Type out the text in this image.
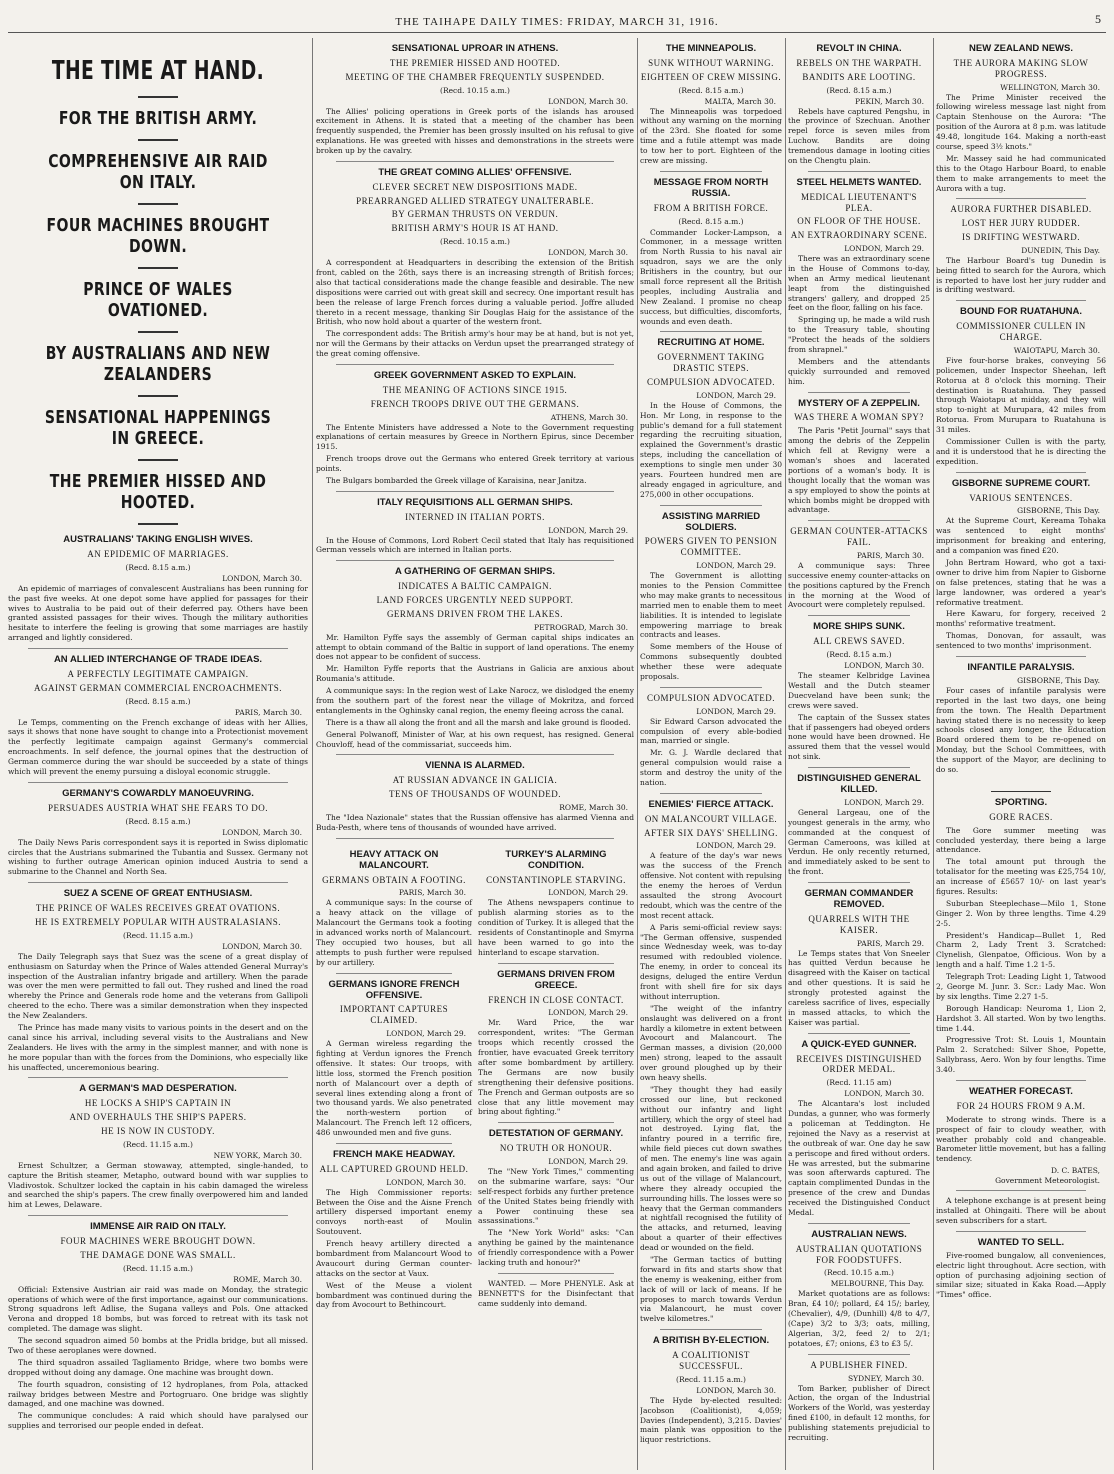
THE TAIHAPE DAILY TIMES: FRIDAY, MARCH 31, 1916.	5
THE TIME AT HAND.
FOR THE BRITISH ARMY.
COMPREHENSIVE AIR RAID ON ITALY.
FOUR MACHINES BROUGHT DOWN.
PRINCE OF WALES OVATIONED.
BY AUSTRALIANS AND NEW ZEALANDERS
SENSATIONAL HAPPENINGS IN GREECE.
THE PREMIER HISSED AND HOOTED.
AUSTRALIANS' TAKING ENGLISH WIVES.
AN EPIDEMIC OF MARRIAGES.
(Recd. 8.15 a.m.)
LONDON, March 30.
An epidemic of marriages of convalescent Australians has been running for the past five weeks. At one depot some have applied for passages for their wives to Australia to be paid out of their deferred pay. Others have been granted assisted passages for their wives. Though the military authorities hesitate to interfere the feeling is growing that some marriages are hastily arranged and lightly considered.
AN ALLIED INTERCHANGE OF TRADE IDEAS.
A PERFECTLY LEGITIMATE CAMPAIGN.
AGAINST GERMAN COMMERCIAL ENCROACHMENTS.
(Recd. 8.15 a.m.)
PARIS, March 30.
Le Temps, commenting on the French exchange of ideas with her Allies, says it shows that none have sought to change into a Protectionist movement the perfectly legitimate campaign against Germany's commercial encroachments. In self defence, the journal opines that the destruction of German commerce during the war should be succeeded by a state of things which will prevent the enemy pursuing a disloyal economic struggle.
GERMANY'S COWARDLY MANOEUVRING.
PERSUADES AUSTRIA WHAT SHE FEARS TO DO.
(Recd. 8.15 a.m.)
LONDON, March 30.
The Daily News Paris correspondent says it is reported in Swiss diplomatic circles that the Austrians submarined the Tubantia and Sussex. Germany not wishing to further outrage American opinion induced Austria to send a submarine to the Channel and North Sea.
SUEZ A SCENE OF GREAT ENTHUSIASM.
THE PRINCE OF WALES RECEIVES GREAT OVATIONS.
HE IS EXTREMELY POPULAR WITH AUSTRALASIANS.
(Recd. 11.15 a.m.)
LONDON, March 30.
The Daily Telegraph says that Suez was the scene of a great display of enthusiasm on Saturday when the Prince of Wales attended General Murray's inspection of the Australian infantry brigade and artillery. When the parade was over the men were permitted to fall out. They rushed and lined the road whereby the Prince and Generals rode home and the veterans from Gallipoli cheered to the echo. There was a similar demonstration when they inspected the New Zealanders.
The Prince has made many visits to various points in the desert and on the canal since his arrival, including several visits to the Australians and New Zealanders. He lives with the army in the simplest manner, and with none is he more popular than with the forces from the Dominions, who especially like his unaffected, unceremonious bearing.
A GERMAN'S MAD DESPERATION.
HE LOCKS A SHIP'S CAPTAIN IN
AND OVERHAULS THE SHIP'S PAPERS.
HE IS NOW IN CUSTODY.
(Recd. 11.15 a.m.)
NEW YORK, March 30.
Ernest Schultzer, a German stowaway, attempted, single-handed, to capture the British steamer, Metapho, outward bound with war supplies to Vladivostok. Schultzer locked the captain in his cabin damaged the wireless and searched the ship's papers. The crew finally overpowered him and landed him at Lewes, Delaware.
IMMENSE AIR RAID ON ITALY.
FOUR MACHINES WERE BROUGHT DOWN.
THE DAMAGE DONE WAS SMALL.
(Recd. 11.15 a.m.)
ROME, March 30.
Official: Extensive Austrian air raid was made on Monday, the strategic operations of which were of the first importance, against our communications. Strong squadrons left Adlise, the Sugana valleys and Pols. One attacked Verona and dropped 18 bombs, but was forced to retreat with its task not completed. The damage was slight.
The second squadron aimed 50 bombs at the Pridla bridge, but all missed. Two of these aeroplanes were downed.
The third squadron assailed Tagliamento Bridge, where two bombs were dropped without doing any damage. One machine was brought down.
The fourth squadron, consisting of 12 hydroplanes, from Pola, attacked railway bridges between Mestre and Portogruaro. One bridge was slightly damaged, and one machine was downed.
The communique concludes: A raid which should have paralysed our supplies and terrorised our people ended in defeat.
SENSATIONAL UPROAR IN ATHENS.
THE PREMIER HISSED AND HOOTED.
MEETING OF THE CHAMBER FREQUENTLY SUSPENDED.
(Recd. 10.15 a.m.)
LONDON, March 30.
The Allies' policing operations in Greek ports of the islands has aroused excitement in Athens. It is stated that a meeting of the chamber has been frequently suspended, the Premier has been grossly insulted on his refusal to give explanations. He was greeted with hisses and demonstrations in the streets were broken up by the cavalry.
THE GREAT COMING ALLIES' OFFENSIVE.
CLEVER SECRET NEW DISPOSITIONS MADE.
PREARRANGED ALLIED STRATEGY UNALTERABLE.
BY GERMAN THRUSTS ON VERDUN.
BRITISH ARMY'S HOUR IS AT HAND.
(Recd. 10.15 a.m.)
LONDON, March 30.
A correspondent at Headquarters in describing the extension of the British front, cabled on the 26th, says there is an increasing strength of British forces; also that tactical considerations made the change feasible and desirable. The new dispositions were carried out with great skill and secrecy. One important result has been the release of large French forces during a valuable period. Joffre alluded thereto in a recent message, thanking Sir Douglas Haig for the assistance of the British, who now hold about a quarter of the western front.
The correspondent adds: The British army's hour may be at hand, but is not yet, nor will the Germans by their attacks on Verdun upset the prearranged strategy of the great coming offensive.
GREEK GOVERNMENT ASKED TO EXPLAIN.
THE MEANING OF ACTIONS SINCE 1915.
FRENCH TROOPS DRIVE OUT THE GERMANS.
ATHENS, March 30.
The Entente Ministers have addressed a Note to the Government requesting explanations of certain measures by Greece in Northern Epirus, since December 1915.
French troops drove out the Germans who entered Greek territory at various points.
The Bulgars bombarded the Greek village of Karaisina, near Janitza.
ITALY REQUISITIONS ALL GERMAN SHIPS.
INTERNED IN ITALIAN PORTS.
LONDON, March 29.
In the House of Commons, Lord Robert Cecil stated that Italy has requisitioned German vessels which are interned in Italian ports.
A GATHERING OF GERMAN SHIPS.
INDICATES A BALTIC CAMPAIGN.
LAND FORCES URGENTLY NEED SUPPORT.
GERMANS DRIVEN FROM THE LAKES.
PETROGRAD, March 30.
Mr. Hamilton Fyffe says the assembly of German capital ships indicates an attempt to obtain command of the Baltic in support of land operations. The enemy does not appear to be confident of success.
Mr. Hamilton Fyffe reports that the Austrians in Galicia are anxious about Roumania's attitude.
A communique says: In the region west of Lake Narocz, we dislodged the enemy from the southern part of the forest near the village of Mokritza, and forced entanglements in the Oghinsky canal region, the enemy fleeing across the canal.
There is a thaw all along the front and all the marsh and lake ground is flooded.
General Polwanoff, Minister of War, at his own request, has resigned. General Chouvloff, head of the commissariat, succeeds him.
VIENNA IS ALARMED.
AT RUSSIAN ADVANCE IN GALICIA.
TENS OF THOUSANDS OF WOUNDED.
ROME, March 30.
The "Idea Nazionale" states that the Russian offensive has alarmed Vienna and Buda-Pesth, where tens of thousands of wounded have arrived.
HEAVY ATTACK ON MALANCOURT.
GERMANS OBTAIN A FOOTING.
PARIS, March 30.
A communique says: In the course of a heavy attack on the village of Malancourt the Germans took a footing in advanced works north of Malancourt. They occupied two houses, but all attempts to push further were repulsed by our artillery.
GERMANS IGNORE FRENCH OFFENSIVE.
IMPORTANT CAPTURES CLAIMED.
LONDON, March 29.
A German wireless regarding the fighting at Verdun ignores the French offensive. It states: Our troops, with little loss, stormed the French position north of Malancourt over a depth of several lines extending along a front of two thousand yards. We also penetrated the north-western portion of Malancourt. The French left 12 officers, 486 unwounded men and five guns.
FRENCH MAKE HEADWAY.
ALL CAPTURED GROUND HELD.
LONDON, March 30.
The High Commissioner reports: Between the Oise and the Aisne French artillery dispersed important enemy convoys north-east of Moulin Soutouvent.
French heavy artillery directed a bombardment from Malancourt Wood to Avaucourt during German counter-attacks on the sector at Vaux.
West of the Meuse a violent bombardment was continued during the day from Avocourt to Bethincourt.
TURKEY'S ALARMING CONDITION.
CONSTANTINOPLE STARVING.
LONDON, March 29.
The Athens newspapers continue to publish alarming stories as to the condition of Turkey. It is alleged that the residents of Constantinople and Smyrna have been warned to go into the hinterland to escape starvation.
GERMANS DRIVEN FROM GREECE.
FRENCH IN CLOSE CONTACT.
LONDON, March 29.
Mr. Ward Price, the war correspondent, writes: "The German troops which recently crossed the frontier, have evacuated Greek territory after some bombardment by artillery. The Germans are now busily strengthening their defensive positions. The French and German outposts are so close that any little movement may bring about fighting."
DETESTATION OF GERMANY.
NO TRUTH OR HONOUR.
LONDON, March 29.
The "New York Times," commenting on the submarine warfare, says: "Our self-respect forbids any further pretence of the United States being friendly with a Power continuing these sea assassinations."
The "New York World" asks: "Can anything be gained by the maintenance of friendly correspondence with a Power lacking truth and honour?"
WANTED. — More PHENYLE. Ask at BENNETT'S for the Disinfectant that came suddenly into demand.
THE MINNEAPOLIS.
SUNK WITHOUT WARNING.
EIGHTEEN OF CREW MISSING.
(Recd. 8.15 a.m.)
MALTA, March 30.
The Minneapolis was torpedoed without any warning on the morning of the 23rd. She floated for some time and a futile attempt was made to tow her to port. Eighteen of the crew are missing.
MESSAGE FROM NORTH RUSSIA.
FROM A BRITISH FORCE.
(Recd. 8.15 a.m.)
Commander Locker-Lampson, a Commoner, in a message written from North Russia to his naval air squadron, says we are the only Britishers in the country, but our small force represent all the British peoples, including Australia and New Zealand. I promise no cheap success, but difficulties, discomforts, wounds and even death.
RECRUITING AT HOME.
GOVERNMENT TAKING DRASTIC STEPS.
COMPULSION ADVOCATED.
LONDON, March 29.
In the House of Commons, the Hon. Mr Long, in response to the public's demand for a full statement regarding the recruiting situation, explained the Government's drastic steps, including the cancellation of exemptions to single men under 30 years. Fourteen hundred men are already engaged in agriculture, and 275,000 in other occupations.
ASSISTING MARRIED SOLDIERS.
POWERS GIVEN TO PENSION COMMITTEE.
LONDON, March 29.
The Government is allotting monies to the Pension Committee who may make grants to necessitous married men to enable them to meet liabilities. It is intended to legislate empowering marriage to break contracts and leases.
Some members of the House of Commons subsequently doubted whether these were adequate proposals.
COMPULSION ADVOCATED.
LONDON, March 29.
Sir Edward Carson advocated the compulsion of every able-bodied man, married or single.
Mr. G. J. Wardle declared that general compulsion would raise a storm and destroy the unity of the nation.
ENEMIES' FIERCE ATTACK.
ON MALANCOURT VILLAGE.
AFTER SIX DAYS' SHELLING.
LONDON, March 29.
A feature of the day's war news was the success of the French offensive. Not content with repulsing the enemy the heroes of Verdun assaulted the strong Avocourt redoubt, which was the centre of the most recent attack.
A Paris semi-official review says: "The German offensive, suspended since Wednesday week, was to-day resumed with redoubled violence. The enemy, in order to conceal its designs, deluged the entire Verdun front with shell fire for six days without interruption.
"The weight of the infantry onslaught was delivered on a front hardly a kilometre in extent between Avocourt and Malancourt. The German masses, a division (20,000 men) strong, leaped to the assault over ground ploughed up by their own heavy shells.
"They thought they had easily crossed our line, but reckoned without our infantry and light artillery, which the orgy of steel had not destroyed. Lying flat, the infantry poured in a terrific fire, while field pieces cut down swathes of men. The enemy's line was again and again broken, and failed to drive us out of the village of Malancourt, where they already occupied the surrounding hills. The losses were so heavy that the German commanders at nightfall recognised the futility of the attacks, and returned, leaving about a quarter of their effectives dead or wounded on the field.
"The German tactics of butting forward in fits and starts show that the enemy is weakening, either from lack of will or lack of means. If he proposes to march towards Verdun via Malancourt, he must cover twelve kilometres."
A BRITISH BY-ELECTION.
A COALITIONIST SUCCESSFUL.
(Recd. 11.15 a.m.)
LONDON, March 30.
The Hyde by-elected resulted: Jacobson (Coalitionist), 4,059; Davies (Independent), 3,215. Davies' main plank was opposition to the liquor restrictions.
REVOLT IN CHINA.
REBELS ON THE WARPATH.
BANDITS ARE LOOTING.
(Recd. 8.15 a.m.)
PEKIN, March 30.
Rebels have captured Pengshu, in the province of Szechuan. Another repel force is seven miles from Luchow. Bandits are doing tremendous damage in looting cities on the Chengtu plain.
STEEL HELMETS WANTED.
MEDICAL LIEUTENANT'S PLEA.
ON FLOOR OF THE HOUSE.
AN EXTRAORDINARY SCENE.
LONDON, March 29.
There was an extraordinary scene in the House of Commons to-day, when an Army medical lieutenant leapt from the distinguished strangers' gallery, and dropped 25 feet on the floor, falling on his face.
Springing up, he made a wild rush to the Treasury table, shouting "Protect the heads of the soldiers from shrapnel."
Members and the attendants quickly surrounded and removed him.
MYSTERY OF A ZEPPELIN.
WAS THERE A WOMAN SPY?
The Paris "Petit Journal" says that among the debris of the Zeppelin which fell at Revigny were a woman's shoes and lacerated portions of a woman's body. It is thought locally that the woman was a spy employed to show the points at which bombs might be dropped with advantage.
GERMAN COUNTER-ATTACKS FAIL.
PARIS, March 30.
A communique says: Three successive enemy counter-attacks on the positions captured by the French in the morning at the Wood of Avocourt were completely repulsed.
MORE SHIPS SUNK.
ALL CREWS SAVED.
(Recd. 8.15 a.m.)
LONDON, March 30.
The steamer Kelbridge Lavinea Westall and the Dutch steamer Duecveland have been sunk; the crews were saved.
The captain of the Sussex states that if passengers had obeyed orders none would have been drowned. He assured them that the vessel would not sink.
DISTINGUISHED GENERAL KILLED.
LONDON, March 29.
General Largeau, one of the youngest generals in the army, who commanded at the conquest of German Cameroons, was killed at Verdun. He only recently returned, and immediately asked to be sent to the front.
GERMAN COMMANDER REMOVED.
QUARRELS WITH THE KAISER.
PARIS, March 29.
Le Temps states that Von Sneeler has quitted Verdun because he disagreed with the Kaiser on tactical and other questions. It is said he strongly protested against the careless sacrifice of lives, especially in massed attacks, to which the Kaiser was partial.
A QUICK-EYED GUNNER.
RECEIVES DISTINGUISHED ORDER MEDAL.
(Recd. 11.15 am)
LONDON, March 30.
The Alcantara's lost included Dundas, a gunner, who was formerly a policeman at Teddington. He rejoined the Navy as a reservist at the outbreak of war. One day he saw a periscope and fired without orders. He was arrested, but the submarine was soon afterwards captured. The captain complimented Dundas in the presence of the crew and Dundas received the Distinguished Conduct Medal.
AUSTRALIAN NEWS.
AUSTRALIAN QUOTATIONS FOR FOODSTUFFS.
(Recd. 10.15 a.m.)
MELBOURNE, This Day.
Market quotations are as follows: Bran, £4 10/; pollard, £4 15/; barley, (Chevalier), 4/9, (Dunhill) 4/8 to 4/7, (Cape) 3/2 to 3/3; oats, milling, Algerian, 3/2, feed 2/ to 2/1; potatoes, £7; onions, £3 to £3 5/.
A PUBLISHER FINED.
SYDNEY, March 30.
Tom Barker, publisher of Direct Action, the organ of the Industrial Workers of the World, was yesterday fined £100, in default 12 months, for publishing statements prejudicial to recruiting.
NEW ZEALAND NEWS.
THE AURORA MAKING SLOW PROGRESS.
WELLINGTON, March 30.
The Prime Minister received the following wireless message last night from Captain Stenhouse on the Aurora: "The position of the Aurora at 8 p.m. was latitude 49.48, longitude 164. Making a north-east course, speed 3½ knots."
Mr. Massey said he had communicated this to the Otago Harbour Board, to enable them to make arrangements to meet the Aurora with a tug.
AURORA FURTHER DISABLED.
LOST HER JURY RUDDER.
IS DRIFTING WESTWARD.
DUNEDIN, This Day.
The Harbour Board's tug Dunedin is being fitted to search for the Aurora, which is reported to have lost her jury rudder and is drifting westward.
BOUND FOR RUATAHUNA.
COMMISSIONER CULLEN IN CHARGE.
WAIOTAPU, March 30.
Five four-horse brakes, conveying 56 policemen, under Inspector Sheehan, left Rotorua at 8 o'clock this morning. Their destination is Ruatahuna. They passed through Waiotapu at midday, and they will stop to-night at Murupara, 42 miles from Rotorua. From Murupara to Ruatahuna is 31 miles.
Commissioner Cullen is with the party, and it is understood that he is directing the expedition.
GISBORNE SUPREME COURT.
VARIOUS SENTENCES.
GISBORNE, This Day.
At the Supreme Court, Kereama Tohaka was sentenced to eight months' imprisonment for breaking and entering, and a companion was fined £20.
John Bertram Howard, who got a taxi-owner to drive him from Napier to Gisborne on false pretences, stating that he was a large landowner, was ordered a year's reformative treatment.
Here Kawaru, for forgery, received 2 months' reformative treatment.
Thomas, Donovan, for assault, was sentenced to two months' imprisonment.
INFANTILE PARALYSIS.
GISBORNE, This Day.
Four cases of infantile paralysis were reported in the last two days, one being from the town. The Health Department having stated there is no necessity to keep schools closed any longer, the Education Board ordered them to be re-opened on Monday, but the School Committees, with the support of the Mayor, are declining to do so.
SPORTING.
GORE RACES.
The Gore summer meeting was concluded yesterday, there being a large attendance.
The total amount put through the totalisator for the meeting was £25,754 10/, an increase of £5657 10/- on last year's figures. Results:
Suburban Steeplechase—Milo 1, Stone Ginger 2. Won by three lengths. Time 4.29 2-5.
President's Handicap—Bullet 1, Red Charm 2, Lady Trent 3. Scratched: Clynelish, Glenpatoe, Officious. Won by a length and a half. Time 1.2 1-5.
Telegraph Trot: Leading Light 1, Tatwood 2, George M. Junr. 3. Scr.: Lady Mac. Won by six lengths. Time 2.27 1-5.
Borough Handicap: Neuroma 1, Lion 2, Hardshot 3. All started. Won by two lengths. time 1.44.
Progressive Trot: St. Louis 1, Mountain Palm 2. Scratched: Silver Shoe, Popette, Sallybrass, Aero. Won by four lengths. Time 3.40.
WEATHER FORECAST.
FOR 24 HOURS FROM 9 A.M.
Moderate to strong winds. There is a prospect of fair to cloudy weather, with weather probably cold and changeable. Barometer little movement, but has a falling tendency.
D. C. BATES,
Government Meteorologist.
A telephone exchange is at present being installed at Ohingaiti. There will be about seven subscribers for a start.
WANTED TO SELL.
Five-roomed bungalow, all conveniences, electric light throughout. Acre section, with option of purchasing adjoining section of similar size; situated in Kaka Road.—Apply "Times" office.
